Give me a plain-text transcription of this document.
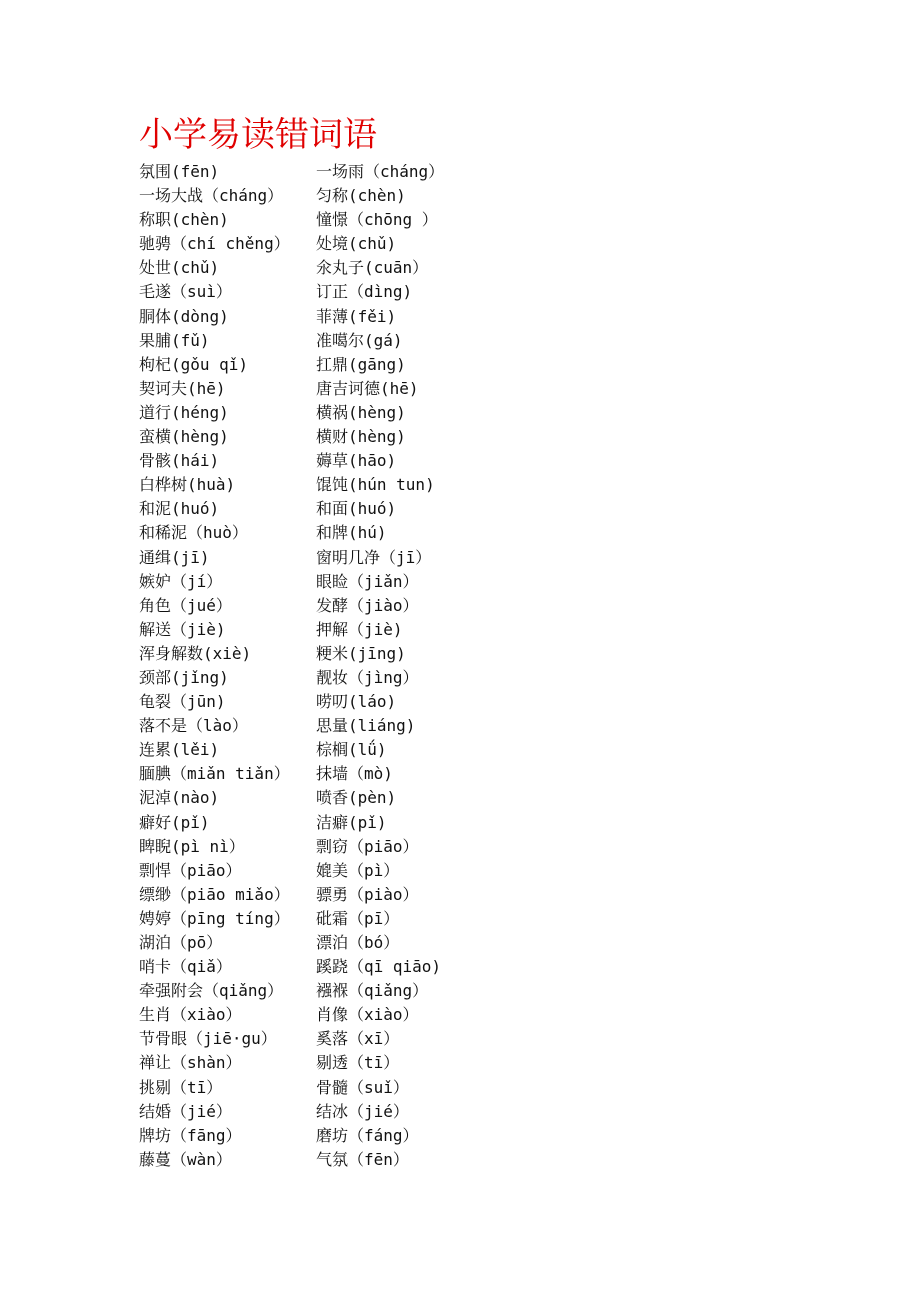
小学易读错词语
氛围(fēn)
一场大战（cháng）
称职(chèn)
驰骋（chí chěng）
处世(chǔ)
毛遂（suì）
胴体(dòng)
果脯(fǔ)
枸杞(gǒu qǐ)
契诃夫(hē)
道行(héng)
蛮横(hèng)
骨骸(hái)
白桦树(huà)
和泥(huó)
和稀泥（huò）
通缉(jī)
嫉妒（jí）
角色（jué）
解送（jiè)
浑身解数(xiè)
颈部(jǐng)
龟裂（jūn)
落不是（lào）
连累(lěi)
腼腆（miǎn tiǎn）
泥淖(nào)
癖好(pǐ)
睥睨(pì nì）
剽悍（piāo）
缥缈（piāo miǎo）
娉婷（pīng tíng）
湖泊（pō）
哨卡（qiǎ）
牵强附会（qiǎng）
生肖（xiào）
节骨眼（jiē·gu）
禅让（shàn）
挑剔（tī）
结婚（jié）
牌坊（fāng）
藤蔓（wàn）
一场雨（cháng）
匀称(chèn)
憧憬（chōng ）
处境(chǔ)
氽丸子(cuān）
订正（dìng)
菲薄(fěi)
准噶尔(gá)
扛鼎(gāng)
唐吉诃德(hē)
横祸(hèng)
横财(hèng)
薅草(hāo)
馄饨(hún tun)
和面(huó)
和牌(hú)
窗明几净（jī）
眼睑（jiǎn）
发酵（jiào）
押解（jiè)
粳米(jīng)
靓妆（jìng）
唠叨(láo)
思量(liáng)
棕榈(lǘ)
抹墙（mò)
喷香(pèn)
洁癖(pǐ)
剽窃（piāo）
媲美（pì）
骠勇（piào）
砒霜（pī）
漂泊（bó）
蹊跷（qī qiāo)
襁褓（qiǎng）
肖像（xiào）
奚落（xī）
剔透（tī）
骨髓（suǐ）
结冰（jié）
磨坊（fáng）
气氛（fēn）
